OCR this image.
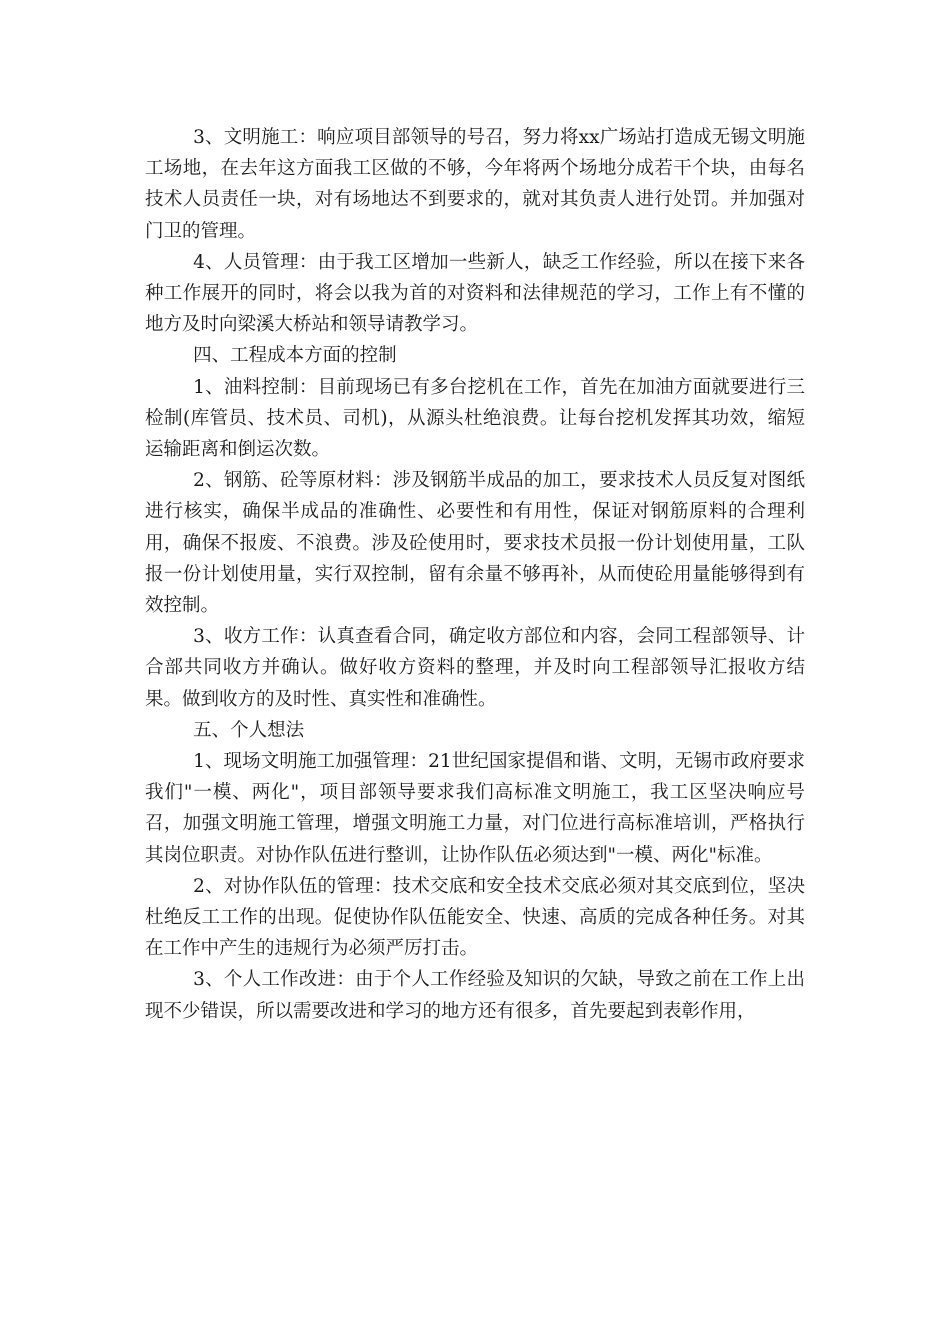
3、文明施工：响应项目部领导的号召，努力将xx广场站打造成无锡文明施工场地，在去年这方面我工区做的不够，今年将两个场地分成若干个块，由每名技术人员责任一块，对有场地达不到要求的，就对其负责人进行处罚。并加强对门卫的管理。

4、人员管理：由于我工区增加一些新人，缺乏工作经验，所以在接下来各种工作展开的同时，将会以我为首的对资料和法律规范的学习，工作上有不懂的地方及时向梁溪大桥站和领导请教学习。

四、工程成本方面的控制

1、油料控制：目前现场已有多台挖机在工作，首先在加油方面就要进行三检制(库管员、技术员、司机)，从源头杜绝浪费。让每台挖机发挥其功效，缩短运输距离和倒运次数。

2、钢筋、砼等原材料：涉及钢筋半成品的加工，要求技术人员反复对图纸进行核实，确保半成品的准确性、必要性和有用性，保证对钢筋原料的合理利用，确保不报废、不浪费。涉及砼使用时，要求技术员报一份计划使用量，工队报一份计划使用量，实行双控制，留有余量不够再补，从而使砼用量能够得到有效控制。

3、收方工作：认真查看合同，确定收方部位和内容，会同工程部领导、计合部共同收方并确认。做好收方资料的整理，并及时向工程部领导汇报收方结果。做到收方的及时性、真实性和准确性。

五、个人想法

1、现场文明施工加强管理：21世纪国家提倡和谐、文明，无锡市政府要求我们"一模、两化"，项目部领导要求我们高标准文明施工，我工区坚决响应号召，加强文明施工管理，增强文明施工力量，对门位进行高标准培训，严格执行其岗位职责。对协作队伍进行整训，让协作队伍必须达到"一模、两化"标准。

2、对协作队伍的管理：技术交底和安全技术交底必须对其交底到位，坚决杜绝反工工作的出现。促使协作队伍能安全、快速、高质的完成各种任务。对其在工作中产生的违规行为必须严厉打击。

3、个人工作改进：由于个人工作经验及知识的欠缺，导致之前在工作上出现不少错误，所以需要改进和学习的地方还有很多，首先要起到表彰作用，
